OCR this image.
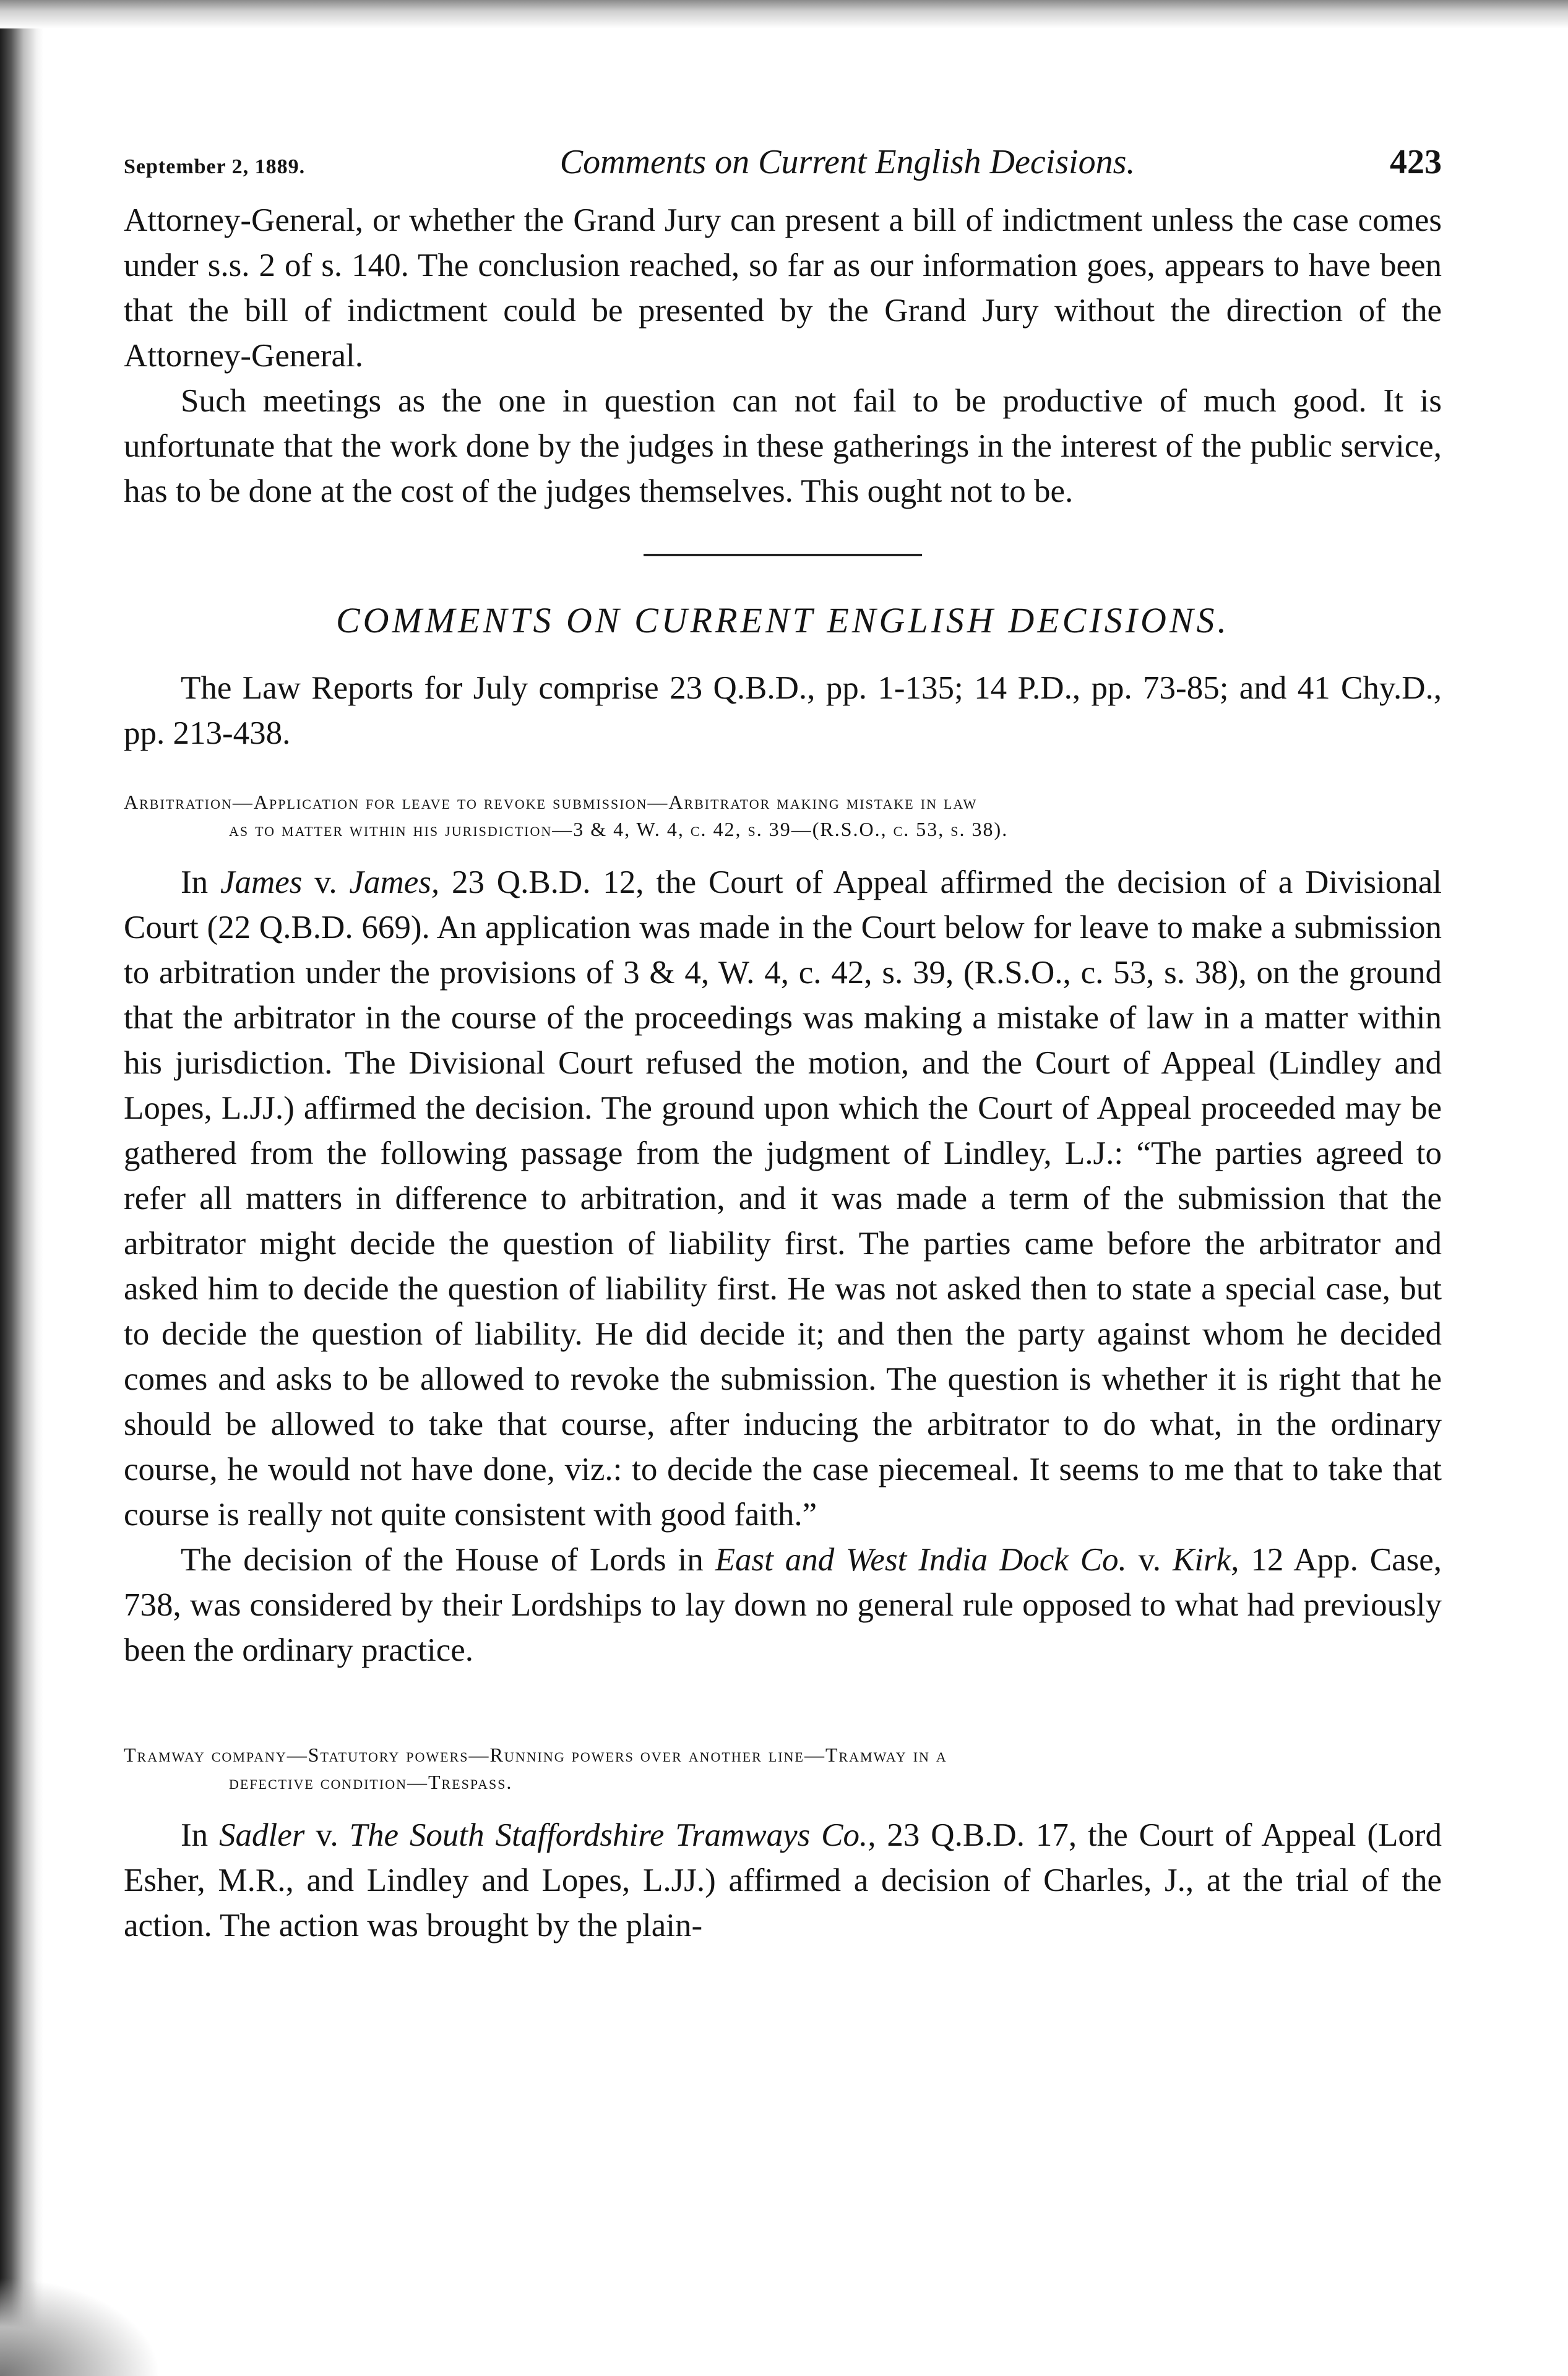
September 2, 1889.	Comments on Current English Decisions.	423

Attorney-General, or whether the Grand Jury can present a bill of indictment unless the case comes under s.s. 2 of s. 140. The conclusion reached, so far as our information goes, appears to have been that the bill of indictment could be presented by the Grand Jury without the direction of the Attorney-General.

Such meetings as the one in question can not fail to be productive of much good. It is unfortunate that the work done by the judges in these gatherings in the interest of the public service, has to be done at the cost of the judges themselves. This ought not to be.

COMMENTS ON CURRENT ENGLISH DECISIONS.

The Law Reports for July comprise 23 Q.B.D., pp. 1-135; 14 P.D., pp. 73-85; and 41 Chy.D., pp. 213-438.

Arbitration—Application for leave to revoke submission—Arbitrator making mistake in law
as to matter within his jurisdiction—3 & 4, W. 4, c. 42, s. 39—(R.S.O., c. 53, s. 38).

In James v. James, 23 Q.B.D. 12, the Court of Appeal affirmed the decision of a Divisional Court (22 Q.B.D. 669). An application was made in the Court below for leave to make a submission to arbitration under the provisions of 3 & 4, W. 4, c. 42, s. 39, (R.S.O., c. 53, s. 38), on the ground that the arbitrator in the course of the proceedings was making a mistake of law in a matter within his jurisdiction. The Divisional Court refused the motion, and the Court of Appeal (Lindley and Lopes, L.JJ.) affirmed the decision. The ground upon which the Court of Appeal proceeded may be gathered from the following passage from the judgment of Lindley, L.J.: “The parties agreed to refer all matters in difference to arbitration, and it was made a term of the submission that the arbitrator might decide the question of liability first. The parties came before the arbitrator and asked him to decide the question of liability first. He was not asked then to state a special case, but to decide the question of liability. He did decide it; and then the party against whom he decided comes and asks to be allowed to revoke the submission. The question is whether it is right that he should be allowed to take that course, after inducing the arbitrator to do what, in the ordinary course, he would not have done, viz.: to decide the case piecemeal. It seems to me that to take that course is really not quite consistent with good faith.”

The decision of the House of Lords in East and West India Dock Co. v. Kirk, 12 App. Case, 738, was considered by their Lordships to lay down no general rule opposed to what had previously been the ordinary practice.

Tramway company—Statutory powers—Running powers over another line—Tramway in a
defective condition—Trespass.

In Sadler v. The South Staffordshire Tramways Co., 23 Q.B.D. 17, the Court of Appeal (Lord Esher, M.R., and Lindley and Lopes, L.JJ.) affirmed a decision of Charles, J., at the trial of the action. The action was brought by the plain-
